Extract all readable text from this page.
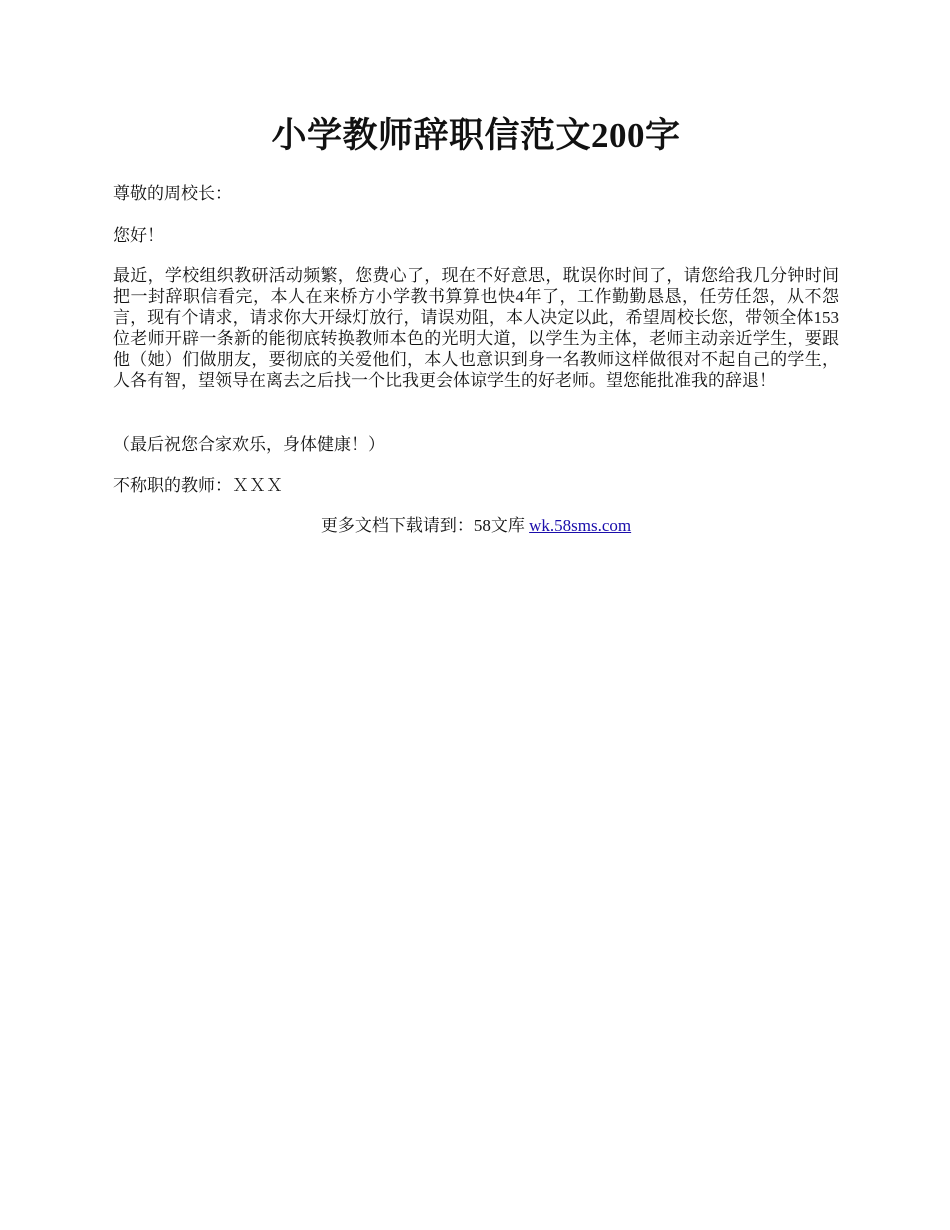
小学教师辞职信范文200字

尊敬的周校长：

您好！

最近，学校组织教研活动频繁，您费心了，现在不好意思，耽误你时间了，请您给我几分钟时间把一封辞职信看完，本人在来桥方小学教书算算也快4年了，工作勤勤恳恳，任劳任怨，从不怨言，现有个请求，请求你大开绿灯放行，请误劝阻，本人决定以此，希望周校长您，带领全体153位老师开辟一条新的能彻底转换教师本色的光明大道，以学生为主体，老师主动亲近学生，要跟他（她）们做朋友，要彻底的关爱他们，本人也意识到身一名教师这样做很对不起自己的学生，人各有智，望领导在离去之后找一个比我更会体谅学生的好老师。望您能批准我的辞退！

（最后祝您合家欢乐，身体健康！）

不称职的教师：ＸＸＸ

更多文档下载请到：58文库 wk.58sms.com
